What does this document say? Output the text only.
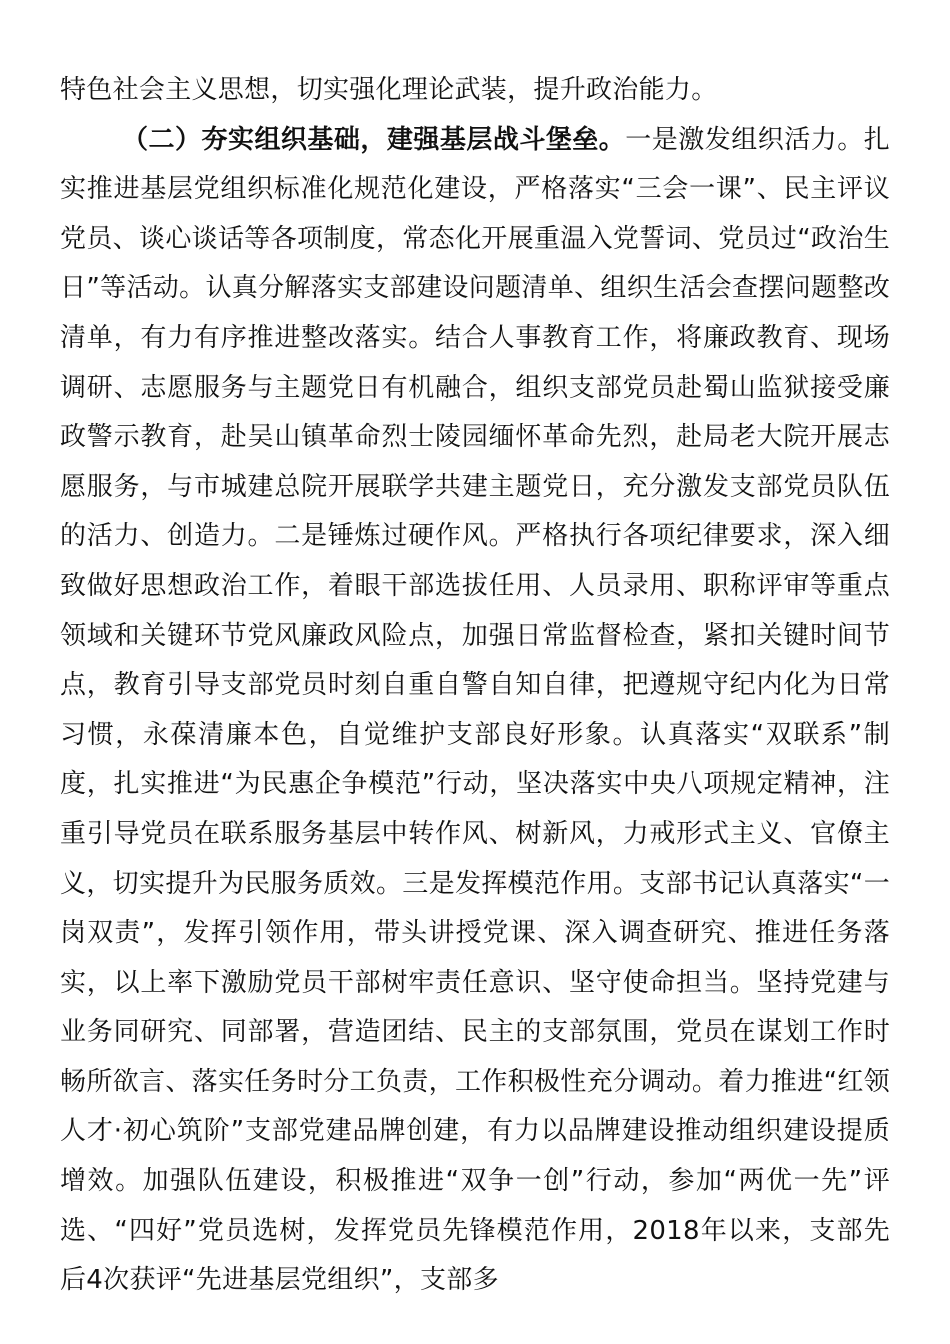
特色社会主义思想，切实强化理论武装，提升政治能力。

（二）夯实组织基础，建强基层战斗堡垒。一是激发组织活力。扎实推进基层党组织标准化规范化建设，严格落实“三会一课”、民主评议党员、谈心谈话等各项制度，常态化开展重温入党誓词、党员过“政治生日”等活动。认真分解落实支部建设问题清单、组织生活会查摆问题整改清单，有力有序推进整改落实。结合人事教育工作，将廉政教育、现场调研、志愿服务与主题党日有机融合，组织支部党员赴蜀山监狱接受廉政警示教育，赴吴山镇革命烈士陵园缅怀革命先烈，赴局老大院开展志愿服务，与市城建总院开展联学共建主题党日，充分激发支部党员队伍的活力、创造力。二是锤炼过硬作风。严格执行各项纪律要求，深入细致做好思想政治工作，着眼干部选拔任用、人员录用、职称评审等重点领域和关键环节党风廉政风险点，加强日常监督检查，紧扣关键时间节点，教育引导支部党员时刻自重自警自知自律，把遵规守纪内化为日常习惯，永葆清廉本色，自觉维护支部良好形象。认真落实“双联系”制度，扎实推进“为民惠企争模范”行动，坚决落实中央八项规定精神，注重引导党员在联系服务基层中转作风、树新风，力戒形式主义、官僚主义，切实提升为民服务质效。三是发挥模范作用。支部书记认真落实“一岗双责”，发挥引领作用，带头讲授党课、深入调查研究、推进任务落实，以上率下激励党员干部树牢责任意识、坚守使命担当。坚持党建与业务同研究、同部署，营造团结、民主的支部氛围，党员在谋划工作时畅所欲言、落实任务时分工负责，工作积极性充分调动。着力推进“红领人才·初心筑阶”支部党建品牌创建，有力以品牌建设推动组织建设提质增效。加强队伍建设，积极推进“双争一创”行动，参加“两优一先”评选、“四好”党员选树，发挥党员先锋模范作用，2018年以来，支部先后4次获评“先进基层党组织”，支部多
